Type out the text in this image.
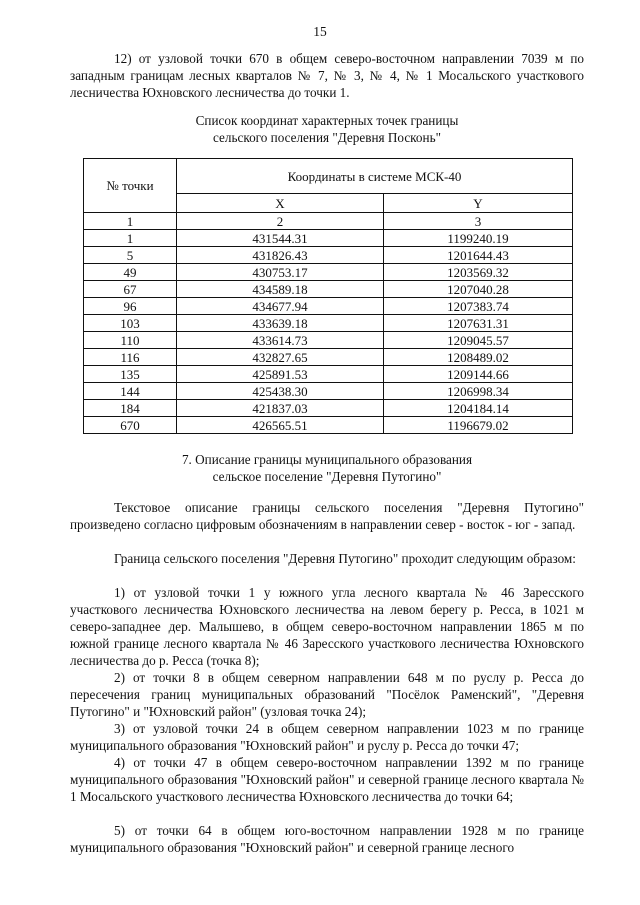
15

12) от узловой точки 670 в общем северо-восточном направлении 7039 м по западным границам лесных кварталов № 7, № 3, № 4, № 1 Мосальского участкового лесничества Юхновского лесничества до точки 1.

Список координат характерных точек границы

сельского поселения "Деревня Посконь"

№ точки	Координаты в системе МСК-40	
	X	Y
1	2	3
1	431544.31	1199240.19
5	431826.43	1201644.43
49	430753.17	1203569.32
67	434589.18	1207040.28
96	434677.94	1207383.74
103	433639.18	1207631.31
110	433614.73	1209045.57
116	432827.65	1208489.02
135	425891.53	1209144.66
144	425438.30	1206998.34
184	421837.03	1204184.14
670	426565.51	1196679.02

7. Описание границы муниципального образования

сельское поселение "Деревня Путогино"

Текстовое описание границы сельского поселения "Деревня Путогино" произведено согласно цифровым обозначениям в направлении север - восток - юг - запад.

Граница сельского поселения "Деревня Путогино" проходит следующим образом:

1) от узловой точки 1 у южного угла лесного квартала № 46 Заресского участкового лесничества Юхновского лесничества на левом берегу р. Ресса, в 1021 м северо-западнее дер. Малышево, в общем северо-восточном направлении 1865 м по южной границе лесного квартала № 46 Заресского участкового лесничества Юхновского лесничества до р. Ресса (точка 8);

2) от точки 8 в общем северном направлении 648 м по руслу р. Ресса до пересечения границ муниципальных образований "Посёлок Раменский", "Деревня Путогино" и "Юхновский район" (узловая точка 24);

3) от узловой точки 24 в общем северном направлении 1023 м по границе муниципального образования "Юхновский район" и руслу р. Ресса до точки 47;

4) от точки 47 в общем северо-восточном направлении 1392 м по границе муниципального образования "Юхновский район" и северной границе лесного квартала № 1 Мосальского участкового лесничества Юхновского лесничества до точки 64;

5) от точки 64 в общем юго-восточном направлении 1928 м по границе муниципального образования "Юхновский район" и северной границе лесного
